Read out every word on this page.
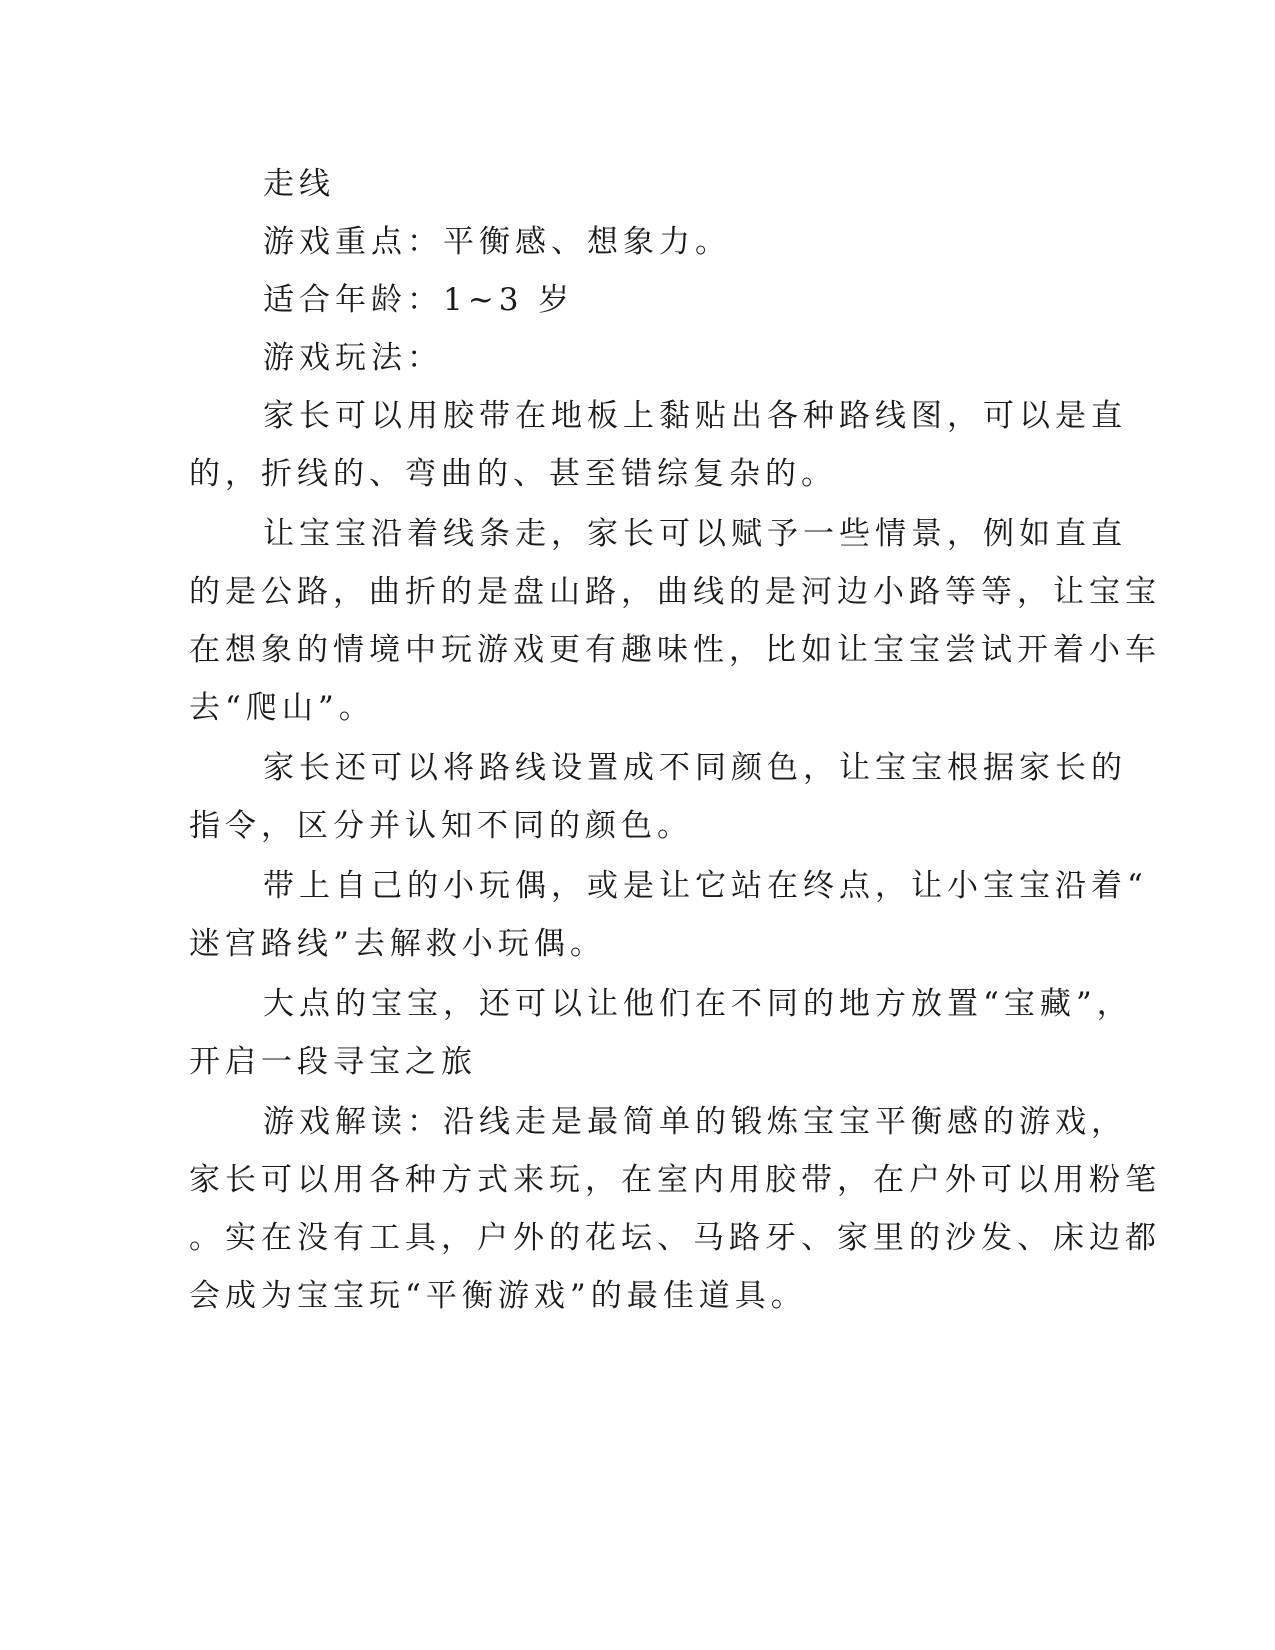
走线
游戏重点：平衡感、想象力。
适合年龄：1~3 岁
游戏玩法：
家长可以用胶带在地板上黏贴出各种路线图，可以是直
的，折线的、弯曲的、甚至错综复杂的。
让宝宝沿着线条走，家长可以赋予一些情景，例如直直
的是公路，曲折的是盘山路，曲线的是河边小路等等，让宝宝
在想象的情境中玩游戏更有趣味性，比如让宝宝尝试开着小车
去“爬山”。
家长还可以将路线设置成不同颜色，让宝宝根据家长的
指令，区分并认知不同的颜色。
带上自己的小玩偶，或是让它站在终点，让小宝宝沿着“
迷宫路线”去解救小玩偶。
大点的宝宝，还可以让他们在不同的地方放置“宝藏”，
开启一段寻宝之旅
游戏解读：沿线走是最简单的锻炼宝宝平衡感的游戏，
家长可以用各种方式来玩，在室内用胶带，在户外可以用粉笔
。实在没有工具，户外的花坛、马路牙、家里的沙发、床边都
会成为宝宝玩“平衡游戏”的最佳道具。
